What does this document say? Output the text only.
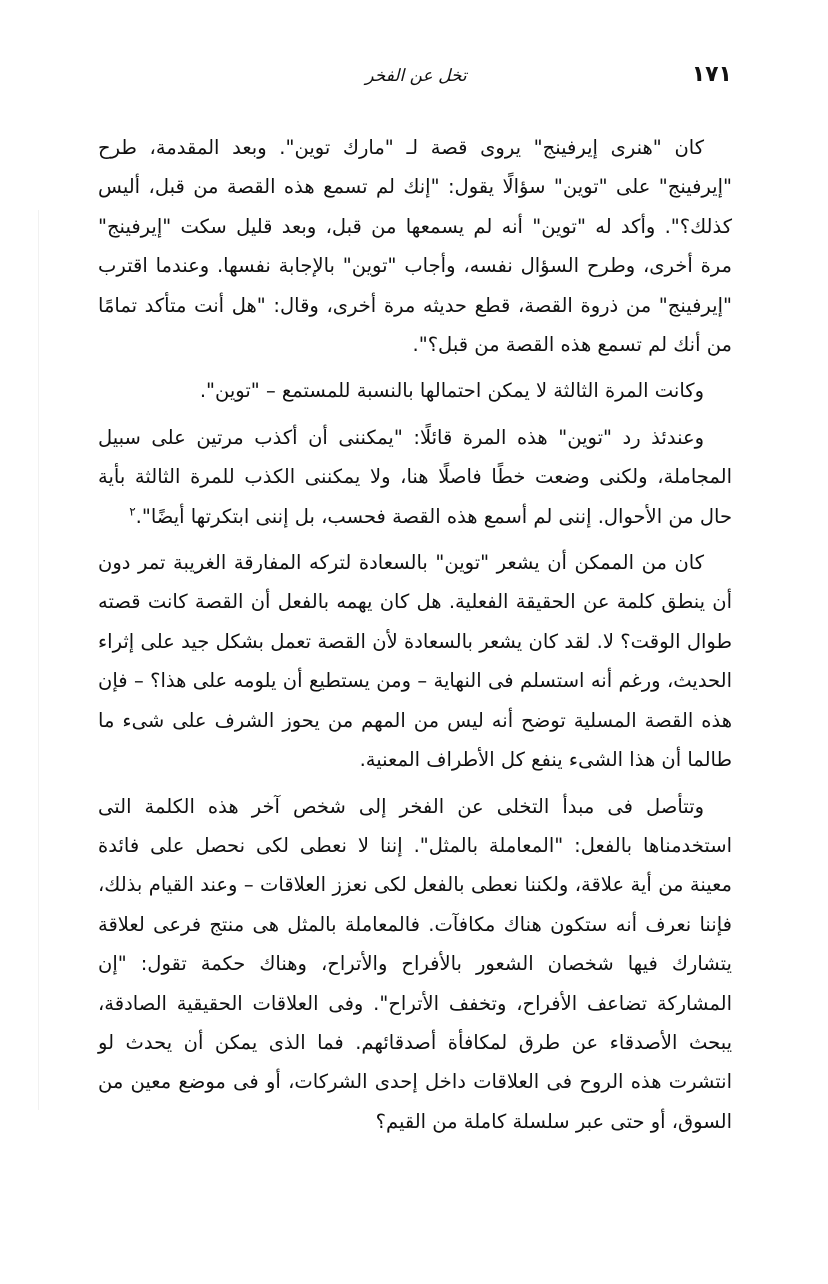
١٧١
تخل عن الفخر

كان "هنرى إيرفينج" يروى قصة لـ "مارك توين". وبعد المقدمة، طرح "إيرفينج" على "توين" سؤالًا يقول: "إنك لم تسمع هذه القصة من قبل، أليس كذلك؟". وأكد له "توين" أنه لم يسمعها من قبل، وبعد قليل سكت "إيرفينج" مرة أخرى، وطرح السؤال نفسه، وأجاب "توين" بالإجابة نفسها. وعندما اقترب "إيرفينج" من ذروة القصة، قطع حديثه مرة أخرى، وقال: "هل أنت متأكد تمامًا من أنك لم تسمع هذه القصة من قبل؟".

وكانت المرة الثالثة لا يمكن احتمالها بالنسبة للمستمع – "توين".

وعندئذ رد "توين" هذه المرة قائلًا: "يمكننى أن أكذب مرتين على سبيل المجاملة، ولكنى وضعت خطًا فاصلًا هنا، ولا يمكننى الكذب للمرة الثالثة بأية حال من الأحوال. إننى لم أسمع هذه القصة فحسب، بل إننى ابتكرتها أيضًا".$^٢$

كان من الممكن أن يشعر "توين" بالسعادة لتركه المفارقة الغريبة تمر دون أن ينطق كلمة عن الحقيقة الفعلية. هل كان يهمه بالفعل أن القصة كانت قصته طوال الوقت؟ لا. لقد كان يشعر بالسعادة لأن القصة تعمل بشكل جيد على إثراء الحديث، ورغم أنه استسلم فى النهاية – ومن يستطيع أن يلومه على هذا؟ – فإن هذه القصة المسلية توضح أنه ليس من المهم من يحوز الشرف على شىء ما طالما أن هذا الشىء ينفع كل الأطراف المعنية.

وتتأصل فى مبدأ التخلى عن الفخر إلى شخص آخر هذه الكلمة التى استخدمناها بالفعل: "المعاملة بالمثل". إننا لا نعطى لكى نحصل على فائدة معينة من أية علاقة، ولكننا نعطى بالفعل لكى نعزز العلاقات – وعند القيام بذلك، فإننا نعرف أنه ستكون هناك مكافآت. فالمعاملة بالمثل هى منتج فرعى لعلاقة يتشارك فيها شخصان الشعور بالأفراح والأتراح، وهناك حكمة تقول: "إن المشاركة تضاعف الأفراح، وتخفف الأتراح". وفى العلاقات الحقيقية الصادقة، يبحث الأصدقاء عن طرق لمكافأة أصدقائهم. فما الذى يمكن أن يحدث لو انتشرت هذه الروح فى العلاقات داخل إحدى الشركات، أو فى موضع معين من السوق، أو حتى عبر سلسلة كاملة من القيم؟
